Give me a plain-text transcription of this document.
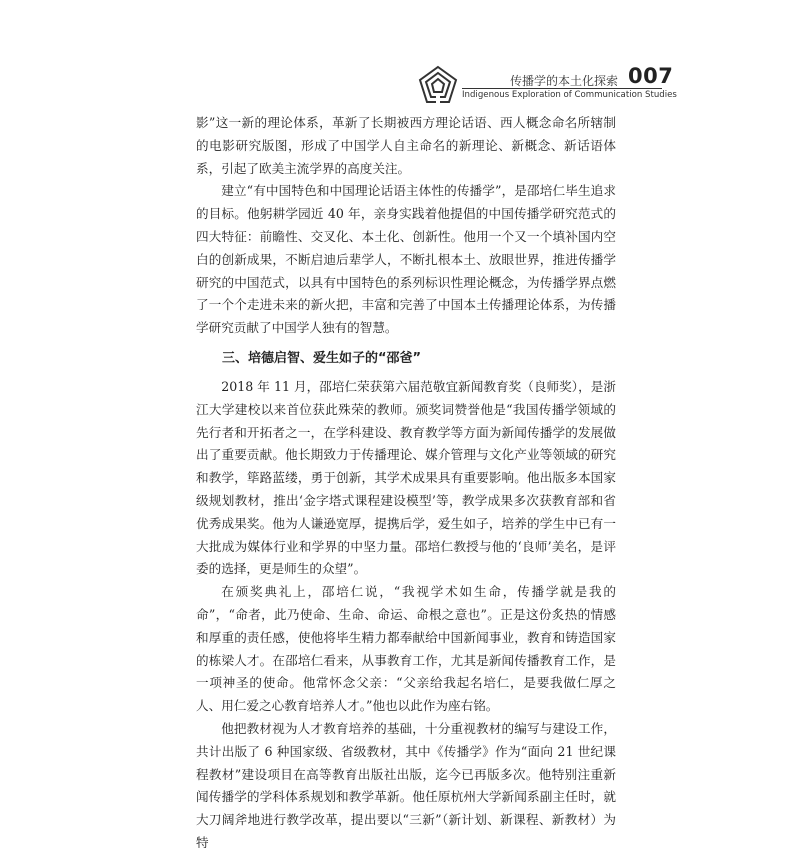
传播学的本土化探索 007
Indigenous Exploration of Communication Studies

影”这一新的理论体系，革新了长期被西方理论话语、西人概念命名所辖制的电影研究版图，形成了中国学人自主命名的新理论、新概念、新话语体系，引起了欧美主流学界的高度关注。

建立“有中国特色和中国理论话语主体性的传播学”，是邵培仁毕生追求的目标。他躬耕学园近 40 年，亲身实践着他提倡的中国传播学研究范式的四大特征：前瞻性、交叉化、本土化、创新性。他用一个又一个填补国内空白的创新成果，不断启迪后辈学人，不断扎根本土、放眼世界，推进传播学研究的中国范式，以具有中国特色的系列标识性理论概念，为传播学界点燃了一个个走进未来的新火把，丰富和完善了中国本土传播理论体系，为传播学研究贡献了中国学人独有的智慧。

三、培德启智、爱生如子的“邵爸”

2018 年 11 月，邵培仁荣获第六届范敬宜新闻教育奖（良师奖），是浙江大学建校以来首位获此殊荣的教师。颁奖词赞誉他是“我国传播学领域的先行者和开拓者之一，在学科建设、教育教学等方面为新闻传播学的发展做出了重要贡献。他长期致力于传播理论、媒介管理与文化产业等领域的研究和教学，筚路蓝缕，勇于创新，其学术成果具有重要影响。他出版多本国家级规划教材，推出‘金字塔式课程建设模型’等，教学成果多次获教育部和省优秀成果奖。他为人谦逊宽厚，提携后学，爱生如子，培养的学生中已有一大批成为媒体行业和学界的中坚力量。邵培仁教授与他的‘良师’美名，是评委的选择，更是师生的众望”。

在颁奖典礼上，邵培仁说，“我视学术如生命，传播学就是我的命”，“命者，此乃使命、生命、命运、命根之意也”。正是这份炙热的情感和厚重的责任感，使他将毕生精力都奉献给中国新闻事业，教育和铸造国家的栋梁人才。在邵培仁看来，从事教育工作，尤其是新闻传播教育工作，是一项神圣的使命。他常怀念父亲：“父亲给我起名培仁，是要我做仁厚之人、用仁爱之心教育培养人才。”他也以此作为座右铭。

他把教材视为人才教育培养的基础，十分重视教材的编写与建设工作，共计出版了 6 种国家级、省级教材，其中《传播学》作为“面向 21 世纪课程教材”建设项目在高等教育出版社出版，迄今已再版多次。他特别注重新闻传播学的学科体系规划和教学革新。他任原杭州大学新闻系副主任时，就大刀阔斧地进行教学改革，提出要以“三新”（新计划、新课程、新教材）为特
